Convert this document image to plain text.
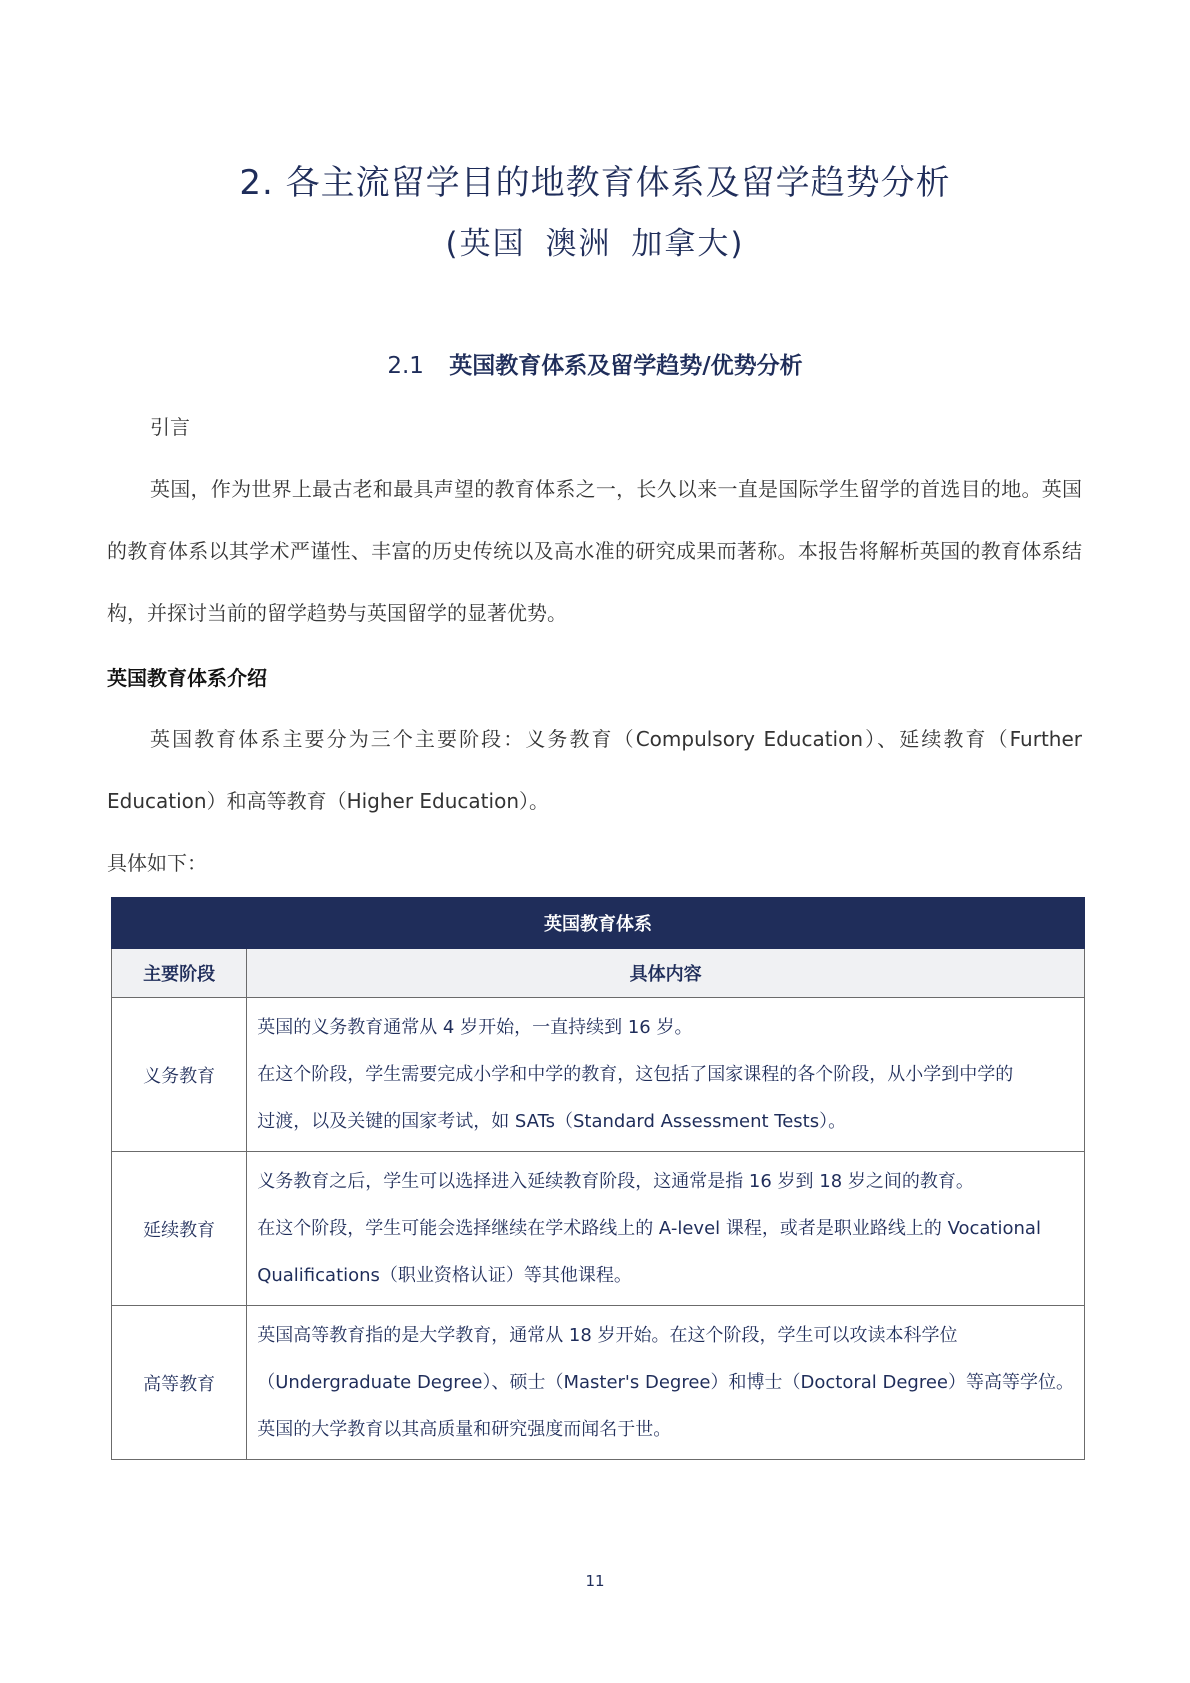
2. 各主流留学目的地教育体系及留学趋势分析
(英国 澳洲 加拿大)
2.1 英国教育体系及留学趋势/优势分析

引言

英国，作为世界上最古老和最具声望的教育体系之一，长久以来一直是国际学生留学的首选目的地。英国的教育体系以其学术严谨性、丰富的历史传统以及高水准的研究成果而著称。本报告将解析英国的教育体系结构，并探讨当前的留学趋势与英国留学的显著优势。

英国教育体系介绍

英国教育体系主要分为三个主要阶段：义务教育（Compulsory Education）、延续教育（Further Education）和高等教育（Higher Education）。

具体如下：

英国教育体系	
主要阶段	具体内容
义务教育	英国的义务教育通常从 4 岁开始，一直持续到 16 岁。
在这个阶段，学生需要完成小学和中学的教育，这包括了国家课程的各个阶段，从小学到中学的
过渡，以及关键的国家考试，如 SATs（Standard Assessment Tests）。

延续教育	义务教育之后，学生可以选择进入延续教育阶段，这通常是指 16 岁到 18 岁之间的教育。
在这个阶段，学生可能会选择继续在学术路线上的 A-level 课程，或者是职业路线上的 Vocational
Qualifications（职业资格认证）等其他课程。

高等教育	英国高等教育指的是大学教育，通常从 18 岁开始。在这个阶段，学生可以攻读本科学位
（Undergraduate Degree）、硕士（Master's Degree）和博士（Doctoral Degree）等高等学位。
英国的大学教育以其高质量和研究强度而闻名于世。
11
